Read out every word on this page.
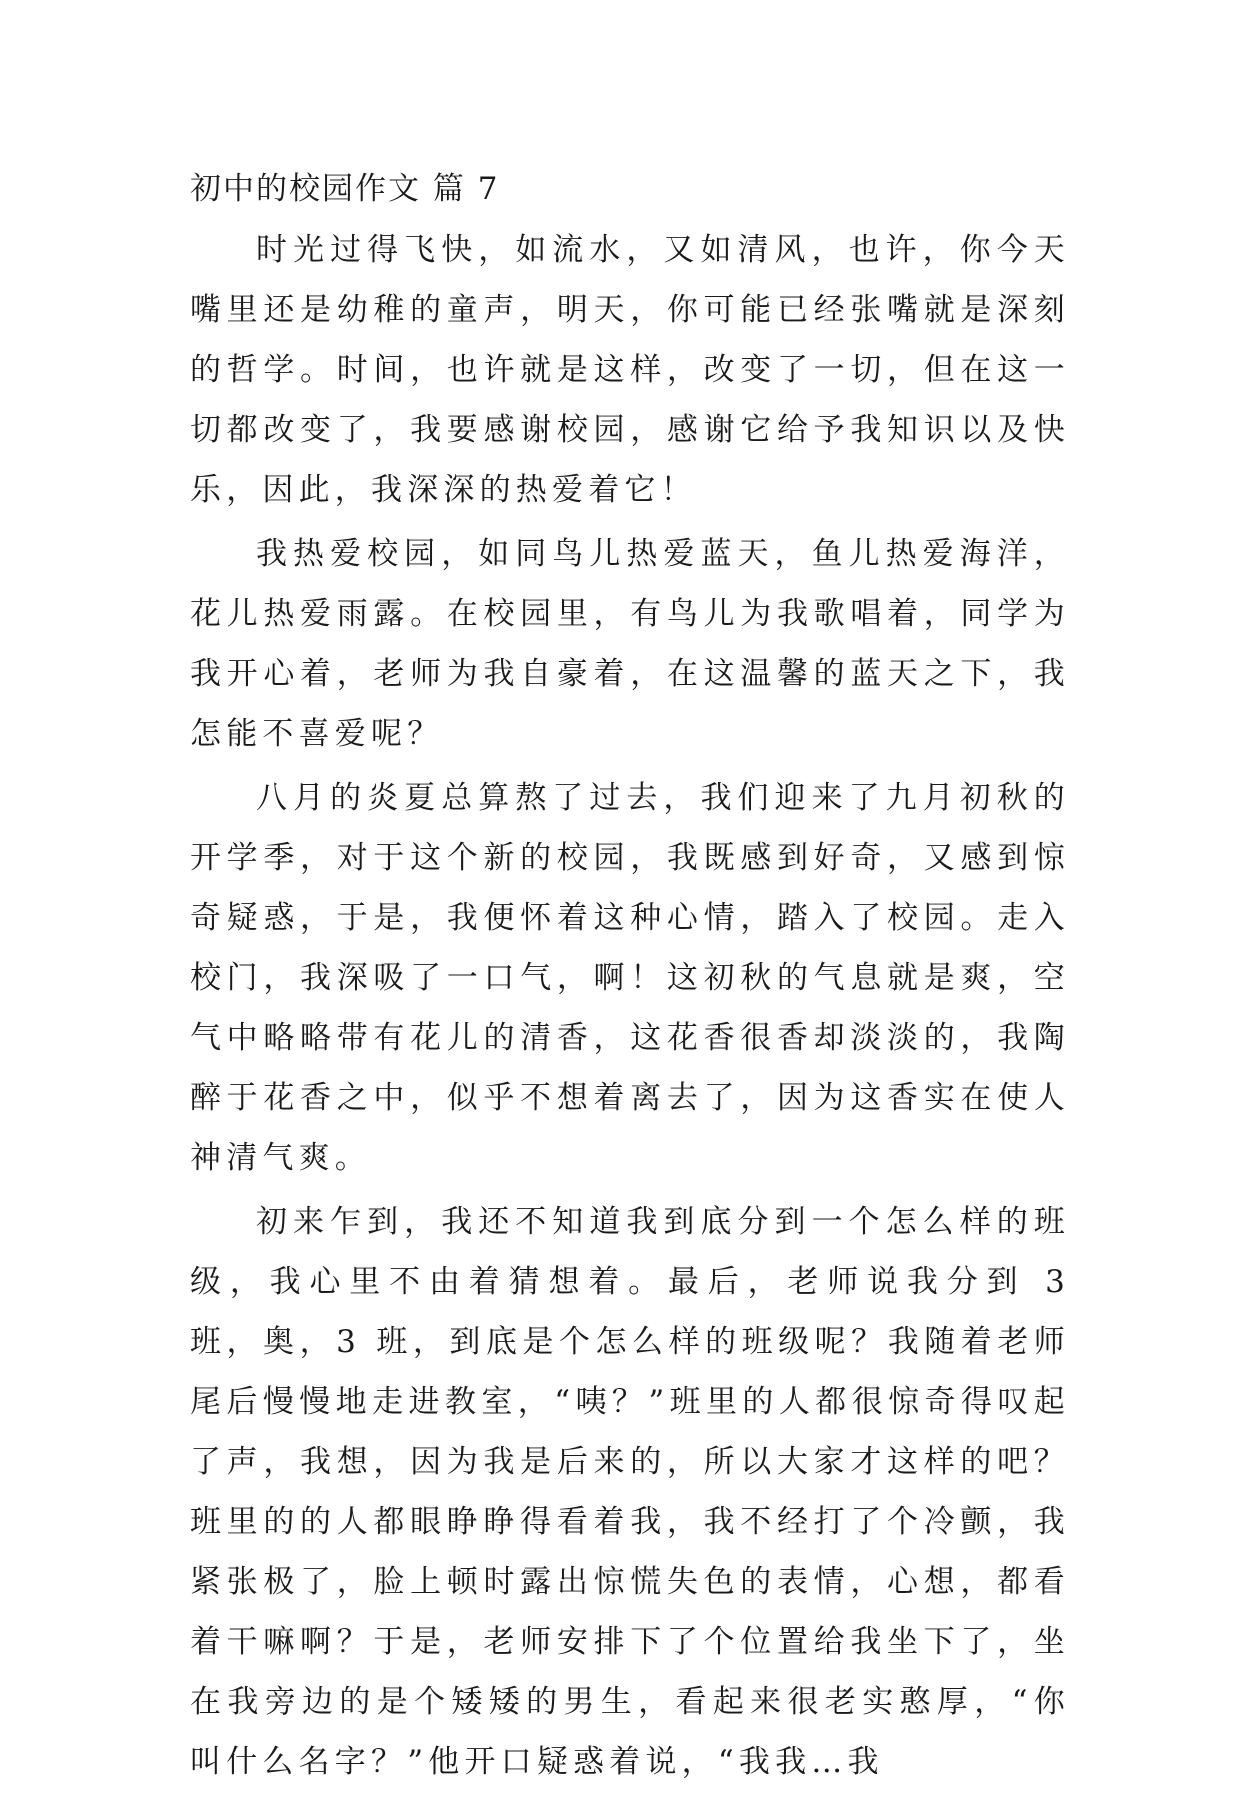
初中的校园作文 篇 7

时光过得飞快，如流水，又如清风，也许，你今天嘴里还是幼稚的童声，明天，你可能已经张嘴就是深刻的哲学。时间，也许就是这样，改变了一切，但在这一切都改变了，我要感谢校园，感谢它给予我知识以及快乐，因此，我深深的热爱着它！

我热爱校园，如同鸟儿热爱蓝天，鱼儿热爱海洋，花儿热爱雨露。在校园里，有鸟儿为我歌唱着，同学为我开心着，老师为我自豪着，在这温馨的蓝天之下，我怎能不喜爱呢？

八月的炎夏总算熬了过去，我们迎来了九月初秋的开学季，对于这个新的校园，我既感到好奇，又感到惊奇疑惑，于是，我便怀着这种心情，踏入了校园。走入校门，我深吸了一口气，啊！这初秋的气息就是爽，空气中略略带有花儿的清香，这花香很香却淡淡的，我陶醉于花香之中，似乎不想着离去了，因为这香实在使人神清气爽。

初来乍到，我还不知道我到底分到一个怎么样的班级，我心里不由着猜想着。最后，老师说我分到 3 班，奥，3 班，到底是个怎么样的班级呢？我随着老师尾后慢慢地走进教室，“咦？”班里的人都很惊奇得叹起了声，我想，因为我是后来的，所以大家才这样的吧？班里的的人都眼睁睁得看着我，我不经打了个冷颤，我紧张极了，脸上顿时露出惊慌失色的表情，心想，都看着干嘛啊？于是，老师安排下了个位置给我坐下了，坐在我旁边的是个矮矮的男生，看起来很老实憨厚，“你叫什么名字？”他开口疑惑着说，“我我…我
